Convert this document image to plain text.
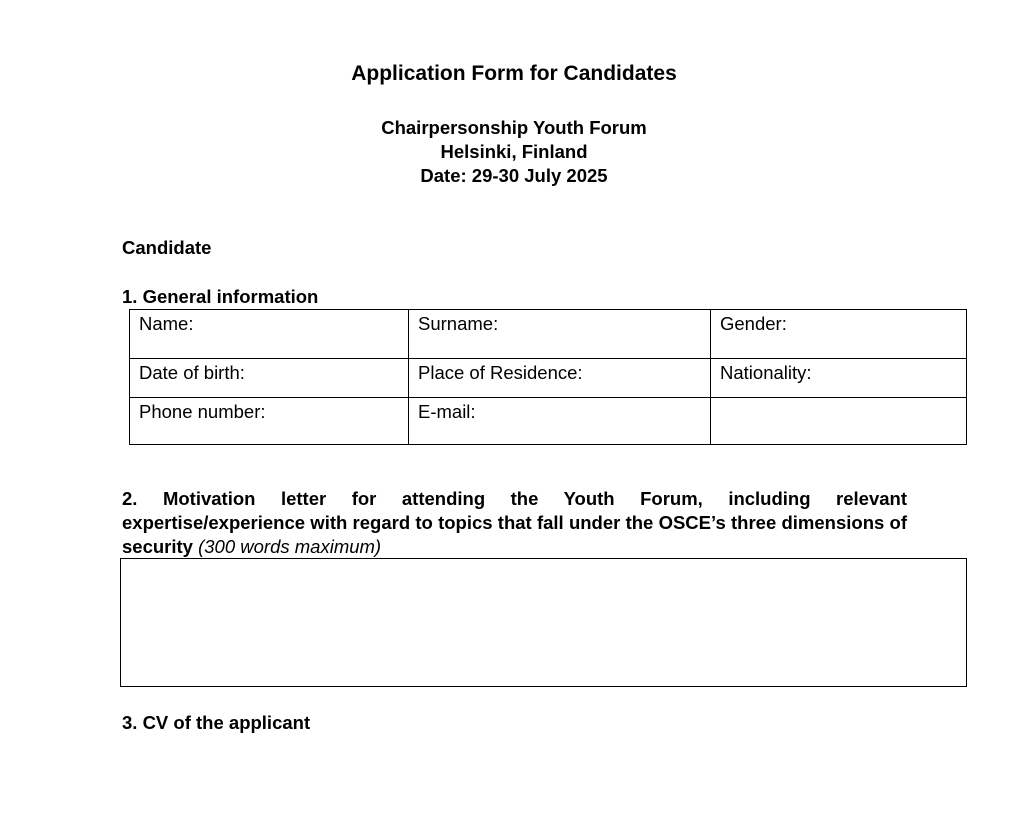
Application Form for Candidates
Chairpersonship Youth Forum
Helsinki, Finland
Date: 29-30 July 2025
Candidate
1. General information
Name:	Surname:	Gender:
Date of birth:	Place of Residence:	Nationality:
Phone number:	E-mail:	
2. Motivation letter for attending the Youth Forum, including relevant expertise/experience with regard to topics that fall under the OSCE’s three dimensions of security (300 words maximum)
3. CV of the applicant
